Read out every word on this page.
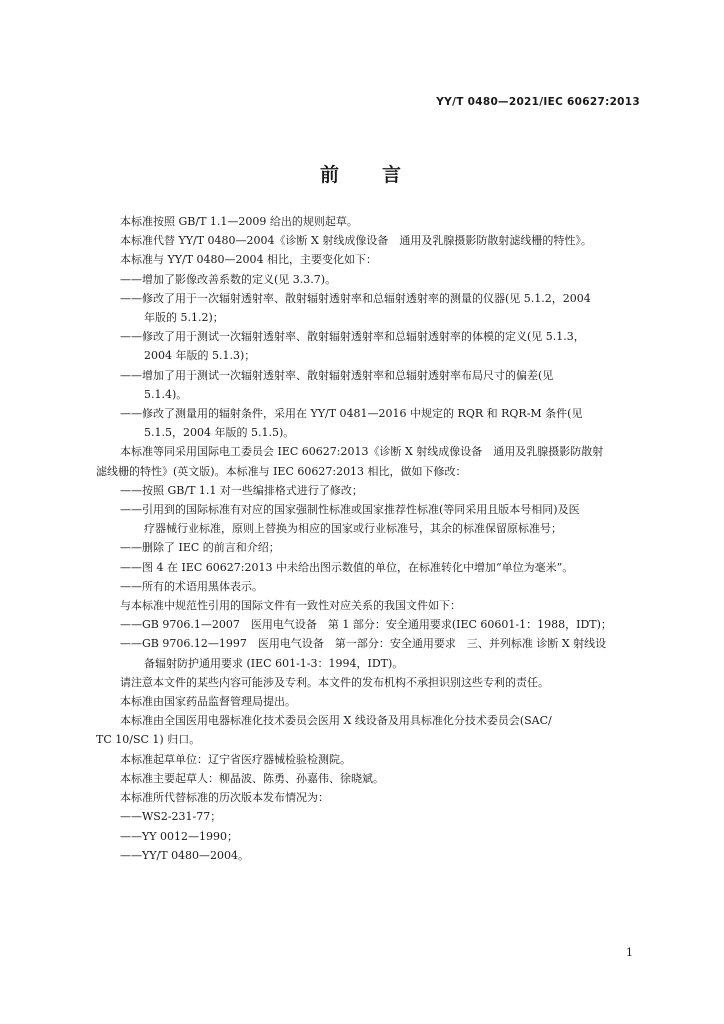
YY/T 0480—2021/IEC 60627:2013
前 言
本标准按照 GB/T 1.1—2009 给出的规则起草。
本标准代替 YY/T 0480—2004《诊断 X 射线成像设备　通用及乳腺摄影防散射滤线栅的特性》。
本标准与 YY/T 0480—2004 相比，主要变化如下：
——增加了影像改善系数的定义(见 3.3.7)。
——修改了用于一次辐射透射率、散射辐射透射率和总辐射透射率的测量的仪器(见 5.1.2，2004
年版的 5.1.2)；
——修改了用于测试一次辐射透射率、散射辐射透射率和总辐射透射率的体模的定义(见 5.1.3，
2004 年版的 5.1.3)；
——增加了用于测试一次辐射透射率、散射辐射透射率和总辐射透射率布局尺寸的偏差(见
5.1.4)。
——修改了测量用的辐射条件，采用在 YY/T 0481—2016 中规定的 RQR 和 RQR-M 条件(见
5.1.5，2004 年版的 5.1.5)。
本标准等同采用国际电工委员会 IEC 60627:2013《诊断 X 射线成像设备　通用及乳腺摄影防散射
滤线栅的特性》(英文版)。本标准与 IEC 60627:2013 相比，做如下修改：
——按照 GB/T 1.1 对一些编排格式进行了修改；
——引用到的国际标准有对应的国家强制性标准或国家推荐性标准(等同采用且版本号相同)及医
疗器械行业标准，原则上替换为相应的国家或行业标准号，其余的标准保留原标准号；
——删除了 IEC 的前言和介绍；
——图 4 在 IEC 60627:2013 中未给出图示数值的单位，在标准转化中增加“单位为毫米”。
——所有的术语用黑体表示。
与本标准中规范性引用的国际文件有一致性对应关系的我国文件如下：
——GB 9706.1—2007　医用电气设备　第 1 部分：安全通用要求(IEC 60601-1：1988，IDT)；
——GB 9706.12—1997　医用电气设备　第一部分：安全通用要求　三、并列标准 诊断 X 射线设
备辐射防护通用要求 (IEC 601-1-3：1994，IDT)。
请注意本文件的某些内容可能涉及专利。本文件的发布机构不承担识别这些专利的责任。
本标准由国家药品监督管理局提出。
本标准由全国医用电器标准化技术委员会医用 X 线设备及用具标准化分技术委员会(SAC/
TC 10/SC 1) 归口。
本标准起草单位：辽宁省医疗器械检验检测院。
本标准主要起草人：柳晶波、陈勇、孙嘉伟、徐晓斌。
本标准所代替标准的历次版本发布情况为：
——WS2-231-77；
——YY 0012—1990；
——YY/T 0480—2004。
1
